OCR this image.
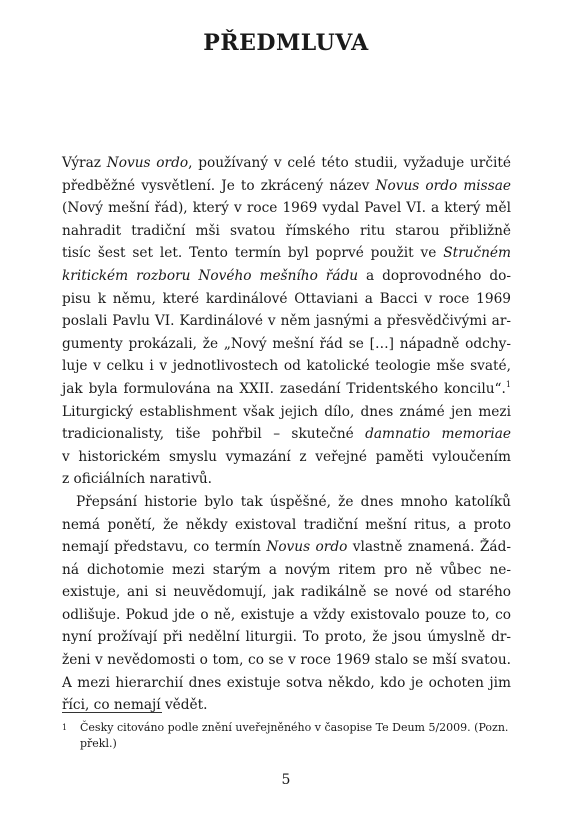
PŘEDMLUVA
Výraz Novus ordo, používaný v celé této studii, vyžaduje určité
předběžné vysvětlení. Je to zkrácený název Novus ordo missae
(Nový mešní řád), který v roce 1969 vydal Pavel VI. a který měl
nahradit tradiční mši svatou římského ritu starou přibližně
tisíc šest set let. Tento termín byl poprvé použit ve Stručném
kritickém rozboru Nového mešního řádu a doprovodného do-
pisu k němu, které kardinálové Ottaviani a Bacci v roce 1969
poslali Pavlu VI. Kardinálové v něm jasnými a přesvědčivými ar-
gumenty prokázali, že „Nový mešní řád se […] nápadně odchy-
luje v celku i v jednotlivostech od katolické teologie mše svaté,
jak byla formulována na XXII. zasedání Tridentského koncilu“.$^1$
Liturgický establishment však jejich dílo, dnes známé jen mezi
tradicionalisty, tiše pohřbil – skutečné damnatio memoriae
v historickém smyslu vymazání z veřejné paměti vyloučením
z oficiálních narativů.
Přepsání historie bylo tak úspěšné, že dnes mnoho katolíků
nemá ponětí, že někdy existoval tradiční mešní ritus, a proto
nemají představu, co termín Novus ordo vlastně znamená. Žád-
ná dichotomie mezi starým a novým ritem pro ně vůbec ne-
existuje, ani si neuvědomují, jak radikálně se nové od starého
odlišuje. Pokud jde o ně, existuje a vždy existovalo pouze to, co
nyní prožívají při nedělní liturgii. To proto, že jsou úmyslně dr-
ženi v nevědomosti o tom, co se v roce 1969 stalo se mší svatou.
A mezi hierarchií dnes existuje sotva někdo, kdo je ochoten jim
říci, co nemají vědět.
1	Česky citováno podle znění uveřejněného v časopise Te Deum 5/2009. (Pozn.
překl.)
5
